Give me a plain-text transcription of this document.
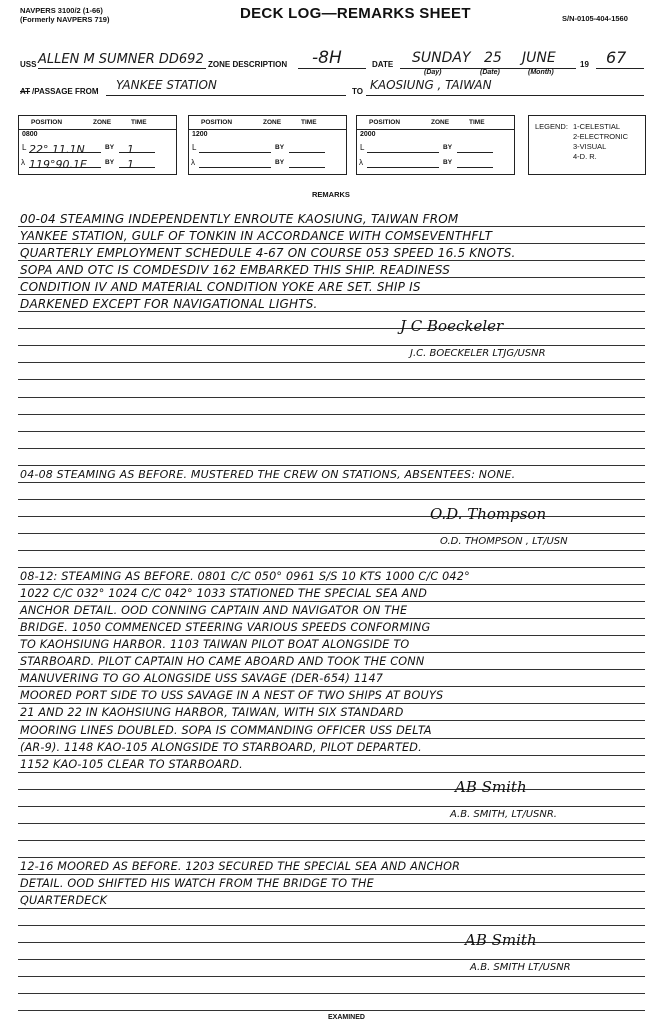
NAVPERS 3100/2 (1-66)
(Formerly NAVPERS 719)	DECK LOG—REMARKS SHEET	S/N-0105-404-1560
USS ALLEN M SUMNER DD692 ZONE DESCRIPTION	-8H	DATE SUNDAY 25 JUNE
(Day)	(Date)	(Month)
19	67
AT /PASSAGE FROM	YANKEE STATION	TO KAOSIUNG , TAIWAN
POSITION	ZONE	TIME
0800
L 22° 11.1N	BY	1
λ 119°90.1E	BY	1
POSITION	ZONE	TIME
1200
L	BY
λ	BY
POSITION	ZONE	TIME
2000
L	BY
λ	BY
LEGEND: 1-CELESTIAL
2-ELECTRONIC
3-VISUAL
4-D. R.
REMARKS
00-04 STEAMING INDEPENDENTLY ENROUTE KAOSIUNG, TAIWAN FROM
YANKEE STATION, GULF OF TONKIN IN ACCORDANCE WITH COMSEVENTHFLT
QUARTERLY EMPLOYMENT SCHEDULE 4-67 ON COURSE 053 SPEED 16.5 KNOTS.
SOPA AND OTC IS COMDESDIV 162 EMBARKED THIS SHIP. READINESS
CONDITION IV AND MATERIAL CONDITION YOKE ARE SET. SHIP IS
DARKENED EXCEPT FOR NAVIGATIONAL LIGHTS.
J C Boeckeler
J.C. BOECKELER LTJG/USNR
04-08 STEAMING AS BEFORE. MUSTERED THE CREW ON STATIONS, ABSENTEES: NONE.
O.D. Thompson
O.D. THOMPSON , LT/USN
08-12: STEAMING AS BEFORE. 0801 C/C 050° 0961 S/S 10 KTS 1000 C/C 042°
1022 C/C 032° 1024 C/C 042° 1033 STATIONED THE SPECIAL SEA AND
ANCHOR DETAIL. OOD CONNING CAPTAIN AND NAVIGATOR ON THE
BRIDGE. 1050 COMMENCED STEERING VARIOUS SPEEDS CONFORMING
TO KAOHSIUNG HARBOR. 1103 TAIWAN PILOT BOAT ALONGSIDE TO
STARBOARD. PILOT CAPTAIN HO CAME ABOARD AND TOOK THE CONN
MANUVERING TO GO ALONGSIDE USS SAVAGE (DER-654) 1147
MOORED PORT SIDE TO USS SAVAGE IN A NEST OF TWO SHIPS AT BOUYS
21 AND 22 IN KAOHSIUNG HARBOR, TAIWAN, WITH SIX STANDARD
MOORING LINES DOUBLED. SOPA IS COMMANDING OFFICER USS DELTA
(AR-9). 1148 KAO-105 ALONGSIDE TO STARBOARD, PILOT DEPARTED.
1152 KAO-105 CLEAR TO STARBOARD.
AB Smith
A.B. SMITH, LT/USNR.
12-16 MOORED AS BEFORE. 1203 SECURED THE SPECIAL SEA AND ANCHOR
DETAIL. OOD SHIFTED HIS WATCH FROM THE BRIDGE TO THE
QUARTERDECK
AB Smith
A.B. SMITH LT/USNR
EXAMINED
